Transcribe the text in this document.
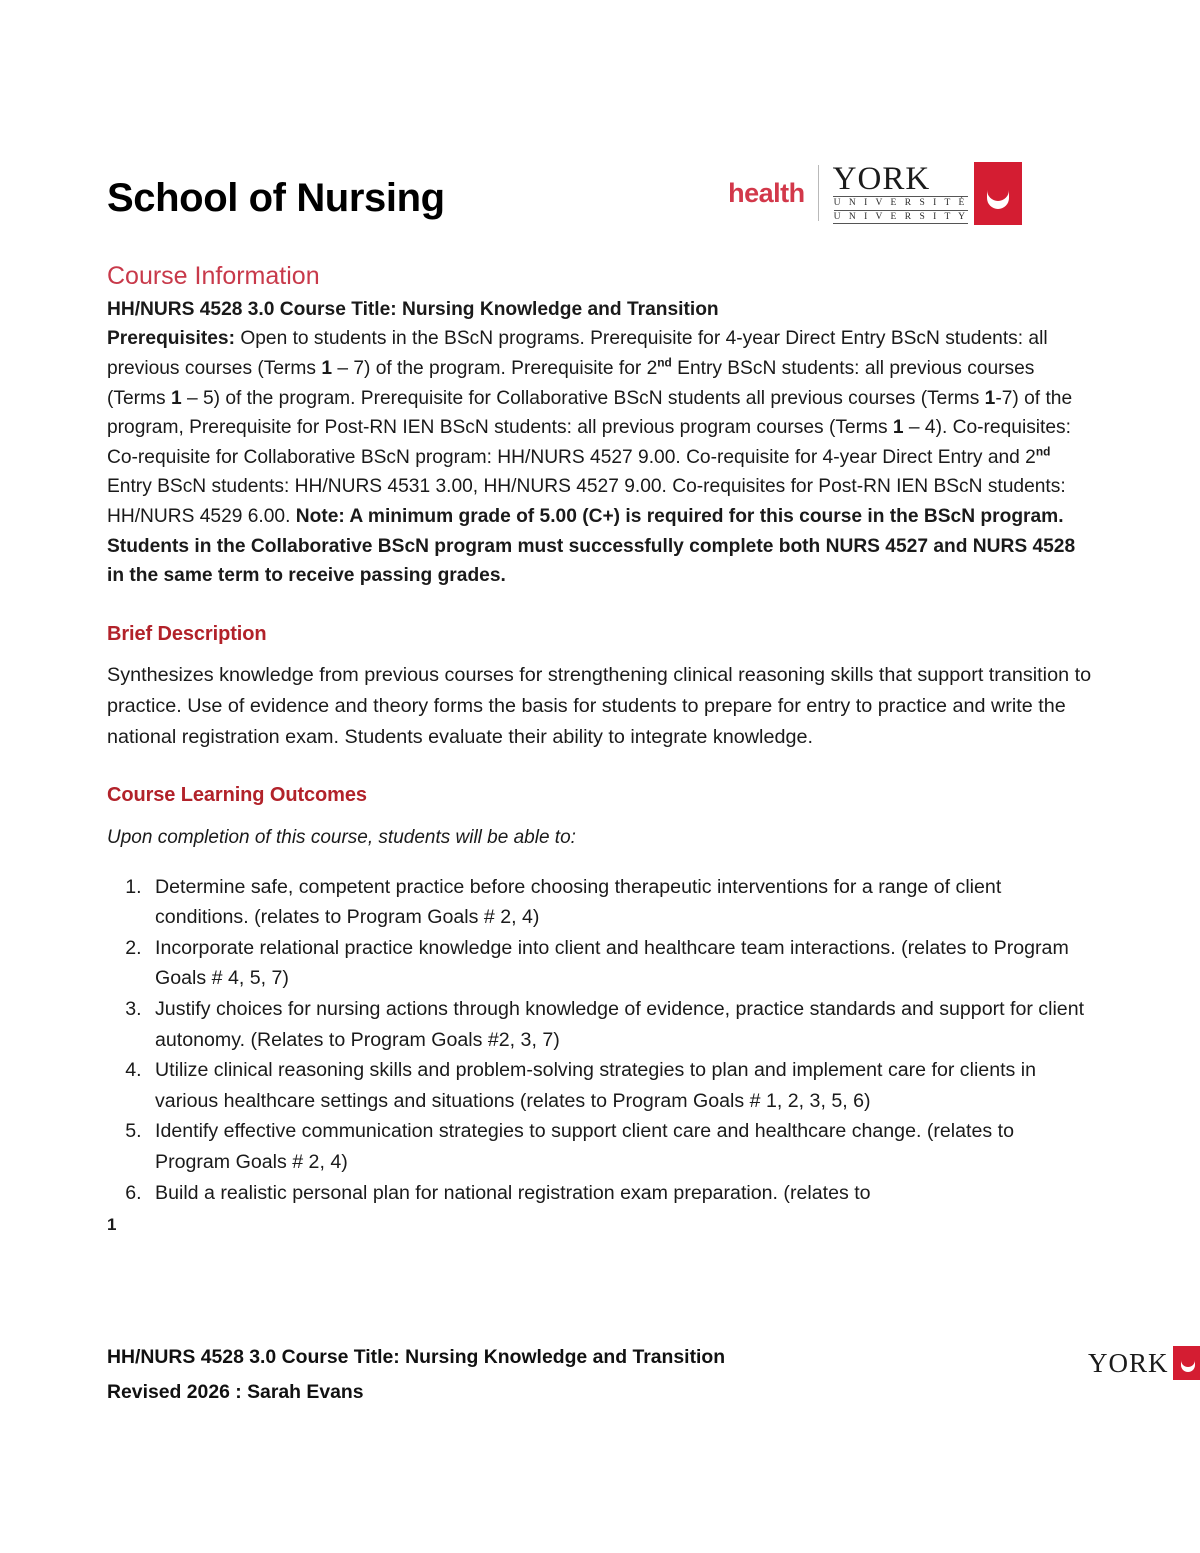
School of Nursing	health YORK
U N I V E R S I T É
U N I V E R S I T Y
Course Information

HH/NURS 4528 3.0 Course Title: Nursing Knowledge and Transition

Prerequisites: Open to students in the BScN programs. Prerequisite for 4-year Direct Entry BScN students: all previous courses (Terms 1 – 7) of the program. Prerequisite for 2nd Entry BScN students: all previous courses (Terms 1 – 5) of the program. Prerequisite for Collaborative BScN students all previous courses (Terms 1-7) of the program, Prerequisite for Post-RN IEN BScN students: all previous program courses (Terms 1 – 4). Co-requisites: Co-requisite for Collaborative BScN program: HH/NURS 4527 9.00. Co-requisite for 4-year Direct Entry and 2nd Entry BScN students: HH/NURS 4531 3.00, HH/NURS 4527 9.00. Co-requisites for Post-RN IEN BScN students: HH/NURS 4529 6.00. Note: A minimum grade of 5.00 (C+) is required for this course in the BScN program. Students in the Collaborative BScN program must successfully complete both NURS 4527 and NURS 4528 in the same term to receive passing grades.

Brief Description

Synthesizes knowledge from previous courses for strengthening clinical reasoning skills that support transition to practice. Use of evidence and theory forms the basis for students to prepare for entry to practice and write the national registration exam. Students evaluate their ability to integrate knowledge.

Course Learning Outcomes

Upon completion of this course, students will be able to:

1. Determine safe, competent practice before choosing therapeutic interventions for a range of client conditions. (relates to Program Goals # 2, 4)
2. Incorporate relational practice knowledge into client and healthcare team interactions. (relates to Program Goals # 4, 5, 7)
3. Justify choices for nursing actions through knowledge of evidence, practice standards and support for client autonomy. (Relates to Program Goals #2, 3, 7)
4. Utilize clinical reasoning skills and problem-solving strategies to plan and implement care for clients in various healthcare settings and situations (relates to Program Goals # 1, 2, 3, 5, 6)
5. Identify effective communication strategies to support client care and healthcare change. (relates to Program Goals # 2, 4)
6. Build a realistic personal plan for national registration exam preparation. (relates to
1
HH/NURS 4528 3.0 Course Title: Nursing Knowledge and Transition
Revised 2026 : Sarah Evans
YORK
